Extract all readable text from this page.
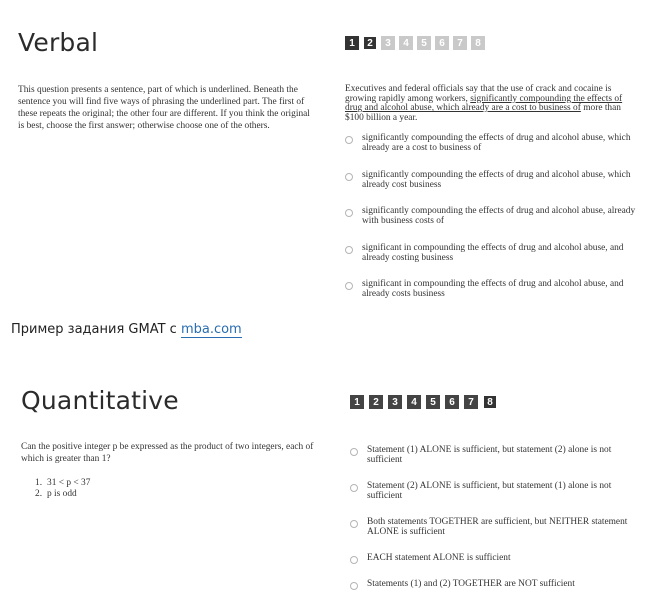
Verbal	1	2	3	4	5	6	7	8

This question presents a sentence, part of which is underlined. Beneath the sentence you will find five ways of phrasing the underlined part. The first of these repeats the original; the other four are different. If you think the original is best, choose the first answer; otherwise choose one of the others.

Executives and federal officials say that the use of crack and cocaine is growing rapidly among workers, significantly compounding the effects of drug and alcohol abuse, which already are a cost to business of more than $100 billion a year.

significantly compounding the effects of drug and alcohol abuse, which already are a cost to business of
significantly compounding the effects of drug and alcohol abuse, which already cost business
significantly compounding the effects of drug and alcohol abuse, already with business costs of
significant in compounding the effects of drug and alcohol abuse, and already costing business
significant in compounding the effects of drug and alcohol abuse, and already costs business
Пример задания GMAT с mba.com
Quantitative	1	2	3	4	5	6	7	8

Can the positive integer p be expressed as the product of two integers, each of which is greater than 1?

1. 31 < p < 37
2. p is odd
Statement (1) ALONE is sufficient, but statement (2) alone is not sufficient
Statement (2) ALONE is sufficient, but statement (1) alone is not sufficient
Both statements TOGETHER are sufficient, but NEITHER statement ALONE is sufficient
EACH statement ALONE is sufficient
Statements (1) and (2) TOGETHER are NOT sufficient
